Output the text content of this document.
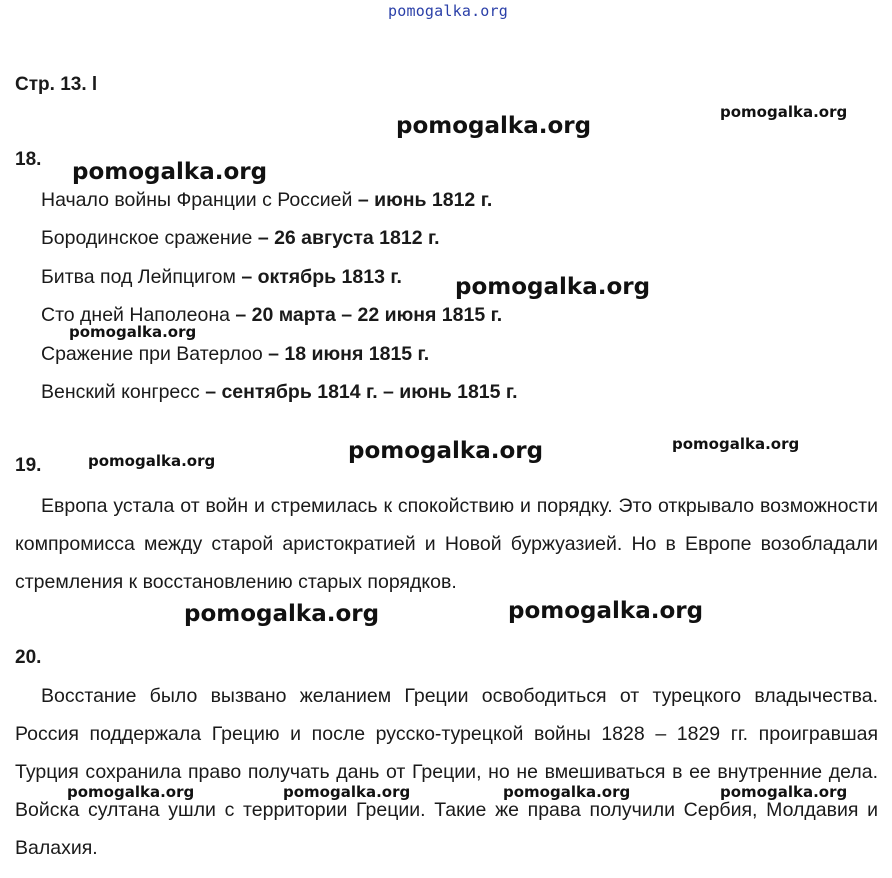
pomogalka.org
Стр. 13. l
18.
Начало войны Франции с Россией – июнь 1812 г.
Бородинское сражение – 26 августа 1812 г.
Битва под Лейпцигом – октябрь 1813 г.
Сто дней Наполеона – 20 марта – 22 июня 1815 г.
Сражение при Ватерлоо – 18 июня 1815 г.
Венский конгресс – сентябрь 1814 г. – июнь 1815 г.
19.

Европа устала от войн и стремилась к спокойствию и порядку. Это открывало возможности компромисса между старой аристократией и Новой буржуазией. Но в Европе возобладали стремления к восстановлению старых порядков.

20.

Восстание было вызвано желанием Греции освободиться от турецкого владычества. Россия поддержала Грецию и после русско-турецкой войны 1828 – 1829 гг. проигравшая Турция сохранила право получать дань от Греции, но не вмешиваться в ее внутренние дела. Войска султана ушли с территории Греции. Такие же права получили Сербия, Молдавия и Валахия.

pomogalka.org
pomogalka.org
pomogalka.org
pomogalka.org
pomogalka.org
pomogalka.org	pomogalka.org
pomogalka.org
pomogalka.org	pomogalka.org
pomogalka.org	pomogalka.org	pomogalka.org	pomogalka.org
